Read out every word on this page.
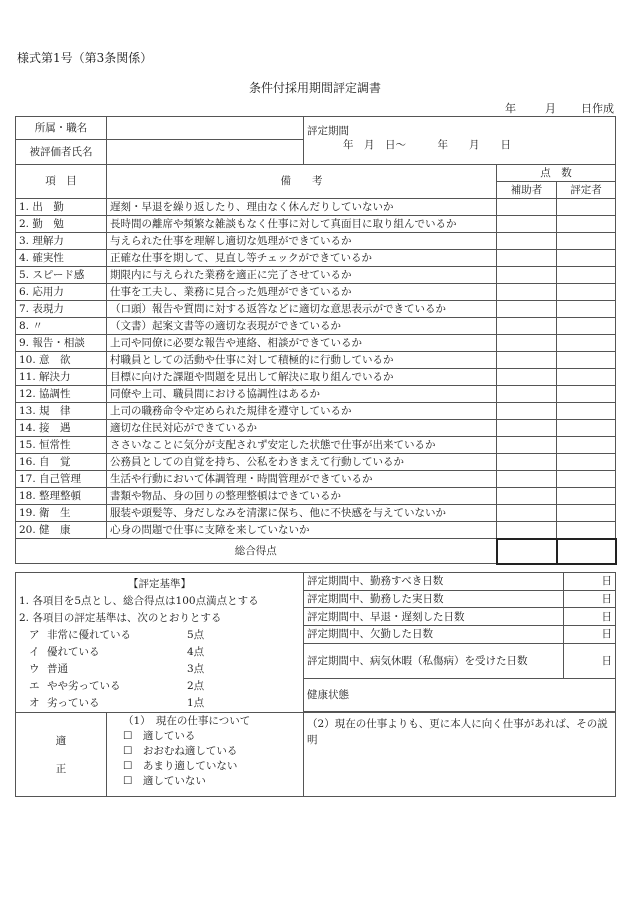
様式第1号（第3条関係）
条件付採用期間評定調書
年	月 日作成
所属・職名		評定期間
年　月　日～　　　年　　月　　日

被評価者氏名		
項　目	備　　考	点　数	
		補助者	評定者
1. 出　勤	遅刻・早退を繰り返したり、理由なく休んだりしていないか		
2. 勤　勉	長時間の離席や頻繁な雑談もなく仕事に対して真面目に取り組んでいるか		
3. 理解力	与えられた仕事を理解し適切な処理ができているか		
4. 確実性	正確な仕事を期して、見直し等チェックができているか		
5. スピード感	期限内に与えられた業務を適正に完了させているか		
6. 応用力	仕事を工夫し、業務に見合った処理ができているか		
7. 表現力	（口頭）報告や質問に対する返答などに適切な意思表示ができているか		
8. 〃	（文書）起案文書等の適切な表現ができているか		
9. 報告・相談	上司や同僚に必要な報告や連絡、相談ができているか		
10. 意　欲	村職員としての活動や仕事に対して積極的に行動しているか		
11. 解決力	目標に向けた課題や問題を見出して解決に取り組んでいるか		
12. 協調性	同僚や上司、職員間における協調性はあるか		
13. 規　律	上司の職務命令や定められた規律を遵守しているか		
14. 接　遇	適切な住民対応ができているか		
15. 恒常性	ささいなことに気分が支配されず安定した状態で仕事が出来ているか		
16. 自　覚	公務員としての自覚を持ち、公私をわきまえて行動しているか		
17. 自己管理	生活や行動において体調管理・時間管理ができているか		
18. 整理整頓	書類や物品、身の回りの整理整頓はできているか		
19. 衛　生	服装や頭髪等、身だしなみを清潔に保ち、他に不快感を与えていないか		
20. 健　康	心身の問題で仕事に支障を来していないか		
総合得点			
【評定基準】
1. 各項目を5点とし、総合得点は100点満点とする
2. 各項目の評定基準は、次のとおりとする
ア	非常に優れている	5点
イ	優れている	4点
ウ	普通	3点
エ	やや劣っている	2点
オ	劣っている	1点
	評定期間中、勤務すべき日数	日
評定期間中、勤務した実日数	日
評定期間中、早退・遅刻した日数	日
評定期間中、欠勤した日数	日
評定期間中、病気休暇（私傷病）を受けた日数	日
健康状態

適
正

（1）　現在の仕事について
☐　 適している
☐　 おおむね適している
☐　 あまり適していない
☐　 適していない
	（2）現在の仕事よりも、更に本人に向く仕事があれば、その説明
